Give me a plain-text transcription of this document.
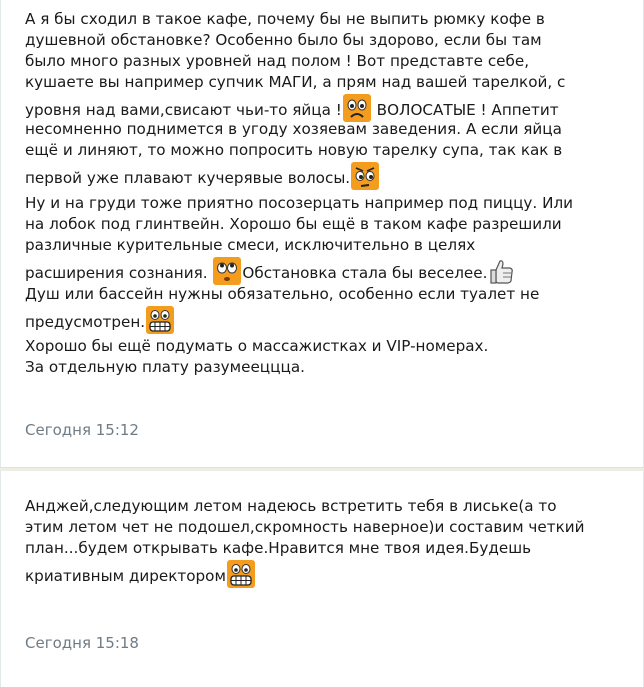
А я бы сходил в такое кафе, почему бы не выпить рюмку кофе в
душевной обстановке? Особенно было бы здорово, если бы там
было много разных уровней над полом ! Вот представте себе,
кушаете вы например супчик МАГИ, а прям над вашей тарелкой, с
уровня над вами,свисают чьи-то яйца !
ВОЛОСАТЫЕ ! Аппетит

несомненно поднимется в угоду хозяевам заведения. А если яйца
ещё и линяют, то можно попросить новую тарелку супа, так как в
первой уже плавают кучерявые волосы.

Ну и на груди тоже приятно посозерцать например под пиццу. Или
на лобок под глинтвейн. Хорошо бы ещё в таком кафе разрешили
различные курительные смеси, исключительно в целях
расширения сознания.
Обстановка стала бы веселее.

Душ или бассейн нужны обязательно, особенно если туалет не
предусмотрен.

Хорошо бы ещё подумать о массажистках и VIP-номерах.
За отдельную плату разумееццца.

Сегодня 15:12

Анджей,следующим летом надеюсь встретить тебя в лиське(а то
этим летом чет не подошел,скромность наверное)и составим четкий
план...будем открывать кафе.Нравится мне твоя идея.Будешь
криативным директором

Сегодня 15:18
